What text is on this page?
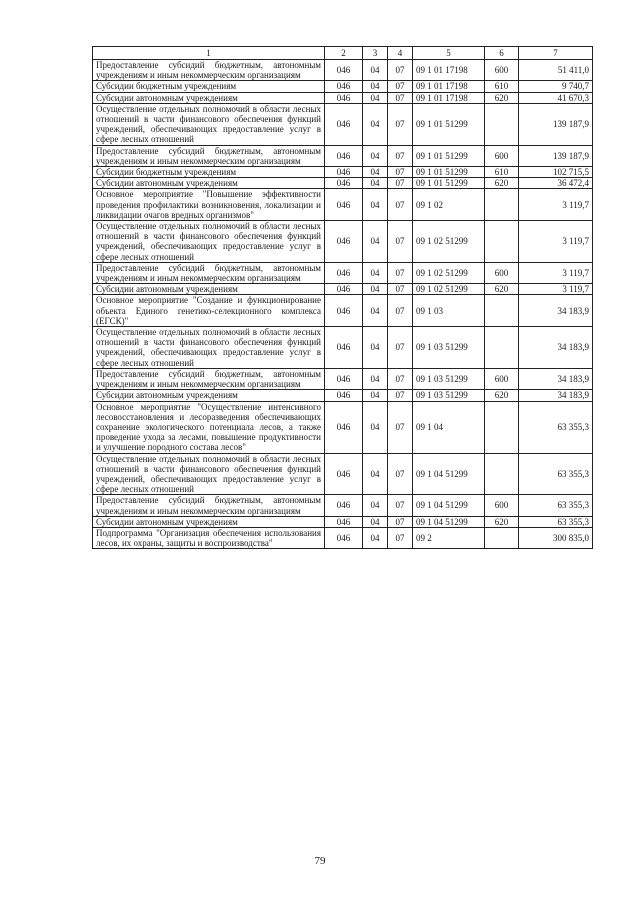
1	2	3	4	5	6	7
Предоставление субсидий бюджетным, автономным учреждениям и иным некоммерческим организациям	046	04	07	09 1 01 17198	600	51 411,0
Субсидии бюджетным учреждениям	046	04	07	09 1 01 17198	610	9 740,7
Субсидии автономным учреждениям	046	04	07	09 1 01 17198	620	41 670,3
Осуществление отдельных полномочий в области лесных отношений в части финансового обеспечения функций учреждений, обеспечивающих предоставление услуг в сфере лесных отношений	046	04	07	09 1 01 51299		139 187,9
Предоставление субсидий бюджетным, автономным учреждениям и иным некоммерческим организациям	046	04	07	09 1 01 51299	600	139 187,9
Субсидии бюджетным учреждениям	046	04	07	09 1 01 51299	610	102 715,5
Субсидии автономным учреждениям	046	04	07	09 1 01 51299	620	36 472,4
Основное мероприятие "Повышение эффективности проведения профилактики возникновения, локализации и ликвидации очагов вредных организмов"	046	04	07	09 1 02		3 119,7
Осуществление отдельных полномочий в области лесных отношений в части финансового обеспечения функций учреждений, обеспечивающих предоставление услуг в сфере лесных отношений	046	04	07	09 1 02 51299		3 119,7
Предоставление субсидий бюджетным, автономным учреждениям и иным некоммерческим организациям	046	04	07	09 1 02 51299	600	3 119,7
Субсидии автономным учреждениям	046	04	07	09 1 02 51299	620	3 119,7
Основное мероприятие "Создание и функционирование объекта Единого генетико-селекционного комплекса (ЕГСК)"	046	04	07	09 1 03		34 183,9
Осуществление отдельных полномочий в области лесных отношений в части финансового обеспечения функций учреждений, обеспечивающих предоставление услуг в сфере лесных отношений	046	04	07	09 1 03 51299		34 183,9
Предоставление субсидий бюджетным, автономным учреждениям и иным некоммерческим организациям	046	04	07	09 1 03 51299	600	34 183,9
Субсидии автономным учреждениям	046	04	07	09 1 03 51299	620	34 183,9
Основное мероприятие "Осуществление интенсивного лесовосстановления и лесоразведения обеспечивающих сохранение экологического потенциала лесов, а также проведение ухода за лесами, повышение продуктивности и улучшение породного состава лесов"	046	04	07	09 1 04		63 355,3
Осуществление отдельных полномочий в области лесных отношений в части финансового обеспечения функций учреждений, обеспечивающих предоставление услуг в сфере лесных отношений	046	04	07	09 1 04 51299		63 355,3
Предоставление субсидий бюджетным, автономным учреждениям и иным некоммерческим организациям	046	04	07	09 1 04 51299	600	63 355,3
Субсидии автономным учреждениям	046	04	07	09 1 04 51299	620	63 355,3
Подпрограмма "Организация обеспечения использования лесов, их охраны, защиты и воспроизводства"	046	04	07	09 2		300 835,0
79
